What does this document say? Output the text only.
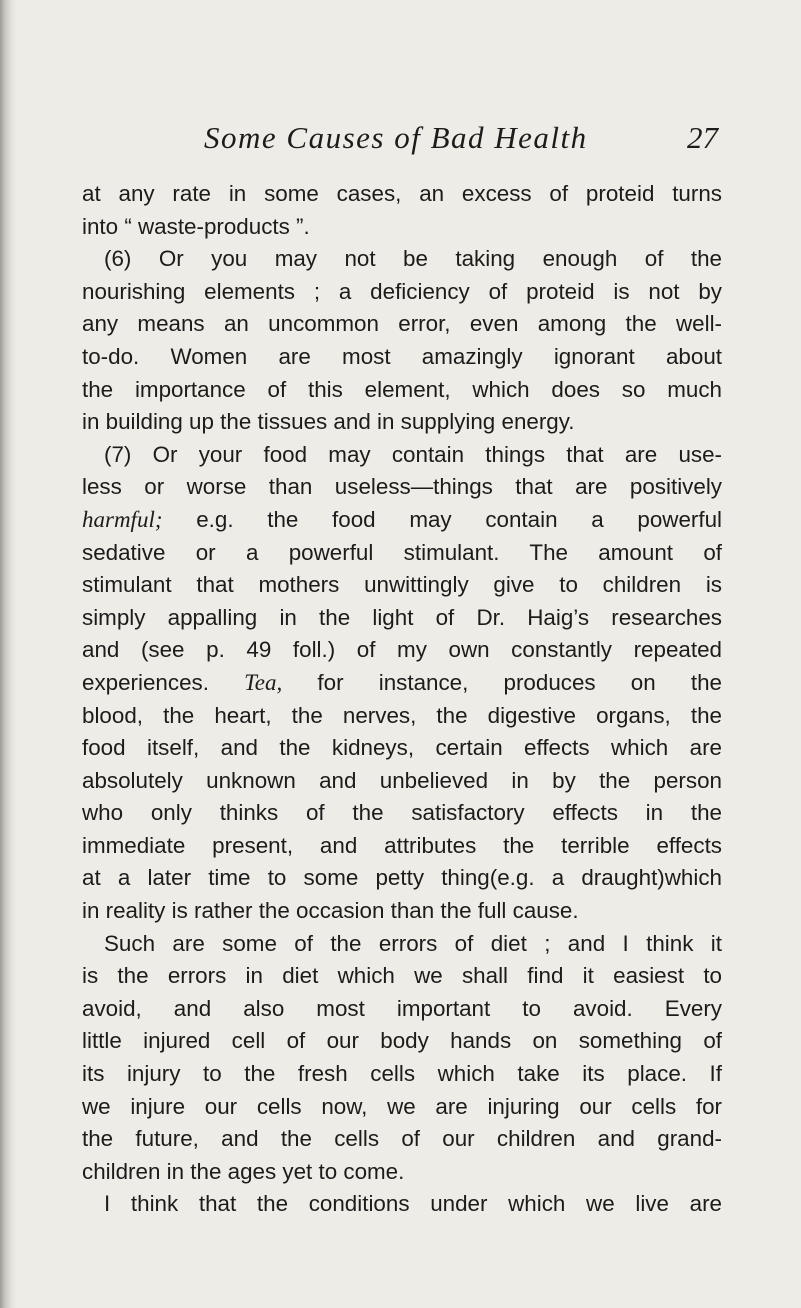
Some Causes of Bad Health	27
at any rate in some cases, an excess of proteid turns
into “ waste-products ”.
(6) Or you may not be taking enough of the
nourishing elements ; a deficiency of proteid is not by
any means an uncommon error, even among the well-
to-do. Women are most amazingly ignorant about
the importance of this element, which does so much
in building up the tissues and in supplying energy.
(7) Or your food may contain things that are use-
less or worse than useless—things that are positively
harmful; e.g. the food may contain a powerful
sedative or a powerful stimulant. The amount of
stimulant that mothers unwittingly give to children is
simply appalling in the light of Dr. Haig’s researches
and (see p. 49 foll.) of my own constantly repeated
experiences. Tea, for instance, produces on the
blood, the heart, the nerves, the digestive organs, the
food itself, and the kidneys, certain effects which are
absolutely unknown and unbelieved in by the person
who only thinks of the satisfactory effects in the
immediate present, and attributes the terrible effects
at a later time to some petty thing(e.g. a draught)which
in reality is rather the occasion than the full cause.
Such are some of the errors of diet ; and I think it
is the errors in diet which we shall find it easiest to
avoid, and also most important to avoid. Every
little injured cell of our body hands on something of
its injury to the fresh cells which take its place. If
we injure our cells now, we are injuring our cells for
the future, and the cells of our children and grand-
children in the ages yet to come.
I think that the conditions under which we live are
